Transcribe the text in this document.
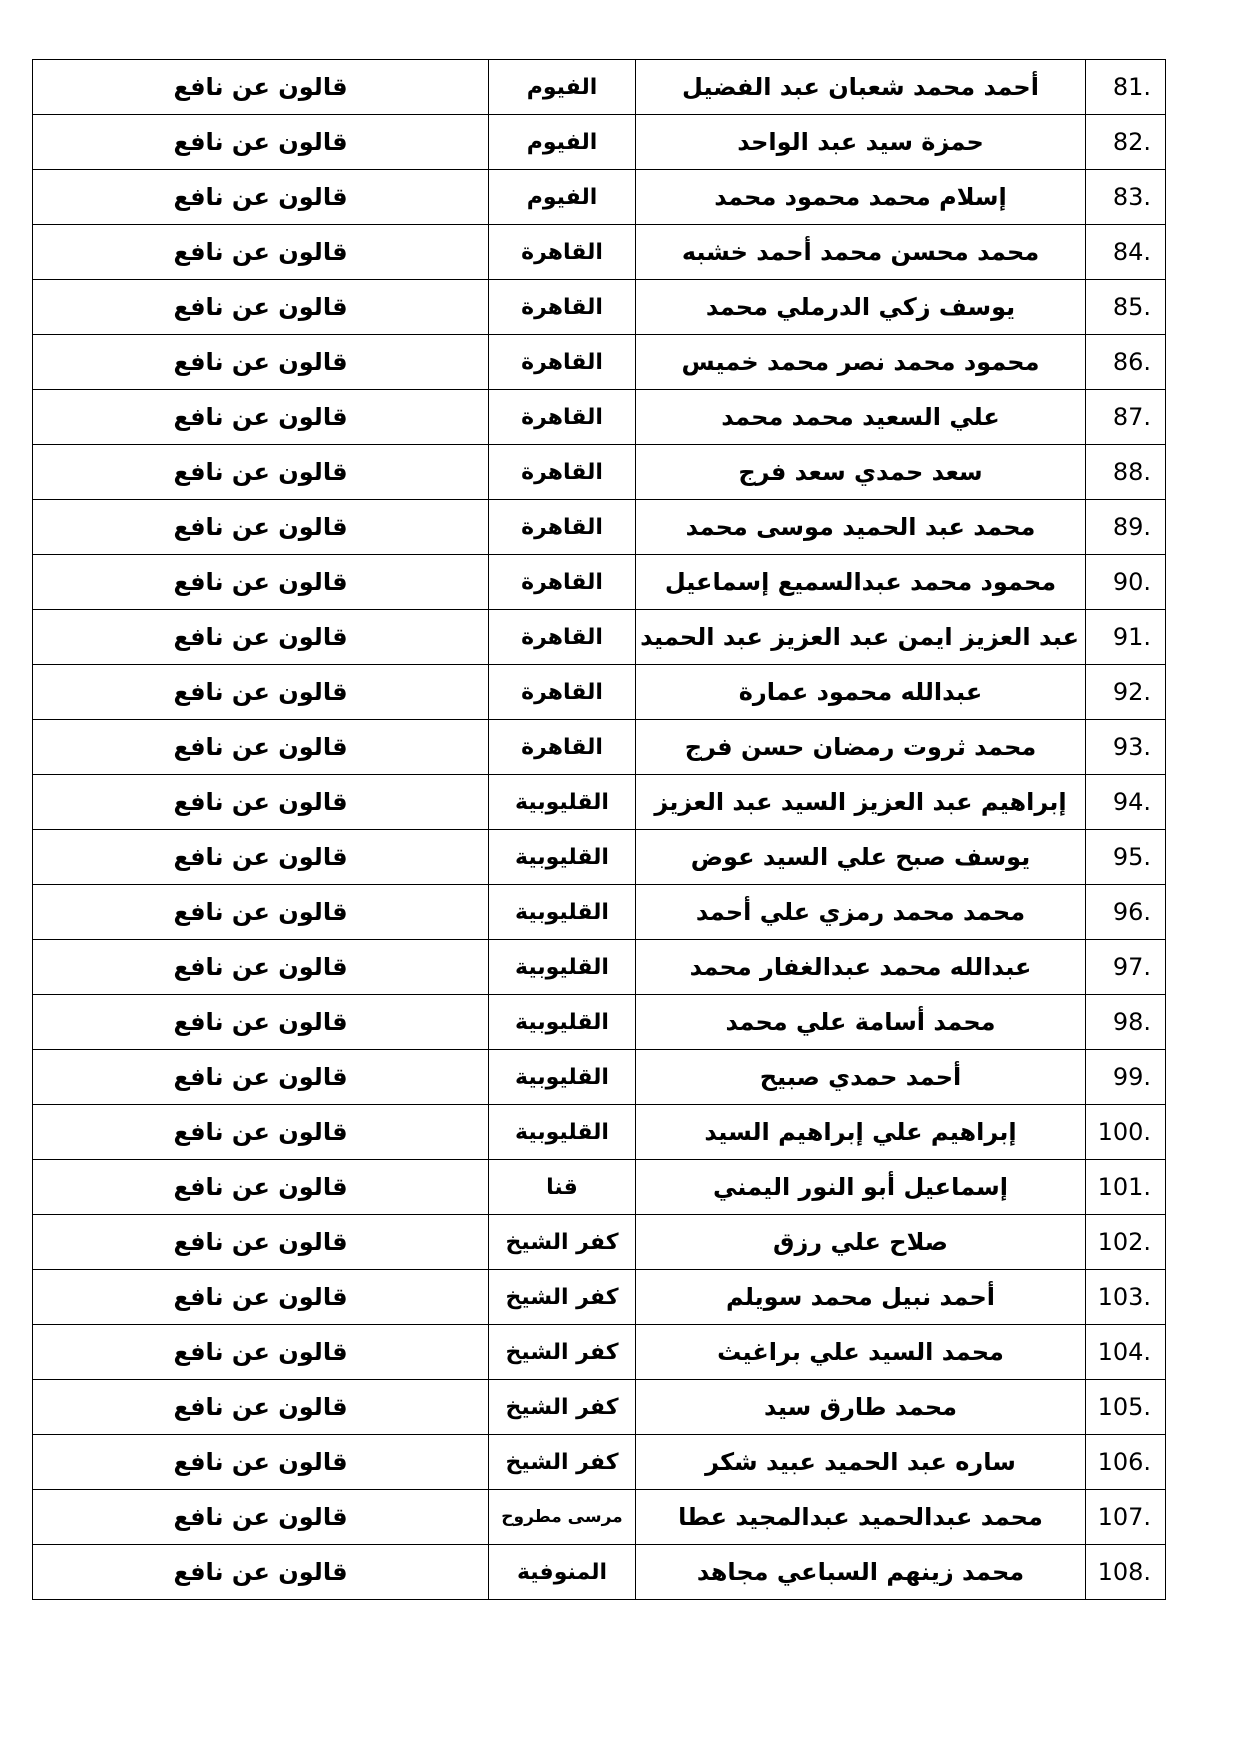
81.	أحمد محمد شعبان عبد الفضيل	الفيوم	قالون عن نافع
82.	حمزة سيد عبد الواحد	الفيوم	قالون عن نافع
83.	إسلام محمد محمود محمد	الفيوم	قالون عن نافع
84.	محمد محسن محمد أحمد خشبه	القاهرة	قالون عن نافع
85.	يوسف زكي الدرملي محمد	القاهرة	قالون عن نافع
86.	محمود محمد نصر محمد خميس	القاهرة	قالون عن نافع
87.	علي السعيد محمد محمد	القاهرة	قالون عن نافع
88.	سعد حمدي سعد فرج	القاهرة	قالون عن نافع
89.	محمد عبد الحميد موسى محمد	القاهرة	قالون عن نافع
90.	محمود محمد عبدالسميع إسماعيل	القاهرة	قالون عن نافع
91.	عبد العزيز ايمن عبد العزيز عبد الحميد	القاهرة	قالون عن نافع
92.	عبدالله محمود عمارة	القاهرة	قالون عن نافع
93.	محمد ثروت رمضان حسن فرج	القاهرة	قالون عن نافع
94.	إبراهيم عبد العزيز السيد عبد العزيز	القليوبية	قالون عن نافع
95.	يوسف صبح علي السيد عوض	القليوبية	قالون عن نافع
96.	محمد محمد رمزي علي أحمد	القليوبية	قالون عن نافع
97.	عبدالله محمد عبدالغفار محمد	القليوبية	قالون عن نافع
98.	محمد أسامة علي محمد	القليوبية	قالون عن نافع
99.	أحمد حمدي صبيح	القليوبية	قالون عن نافع
100.	إبراهيم علي إبراهيم السيد	القليوبية	قالون عن نافع
101.	إسماعيل أبو النور اليمني	قنا	قالون عن نافع
102.	صلاح علي رزق	كفر الشيخ	قالون عن نافع
103.	أحمد نبيل محمد سويلم	كفر الشيخ	قالون عن نافع
104.	محمد السيد علي براغيث	كفر الشيخ	قالون عن نافع
105.	محمد طارق سيد	كفر الشيخ	قالون عن نافع
106.	ساره عبد الحميد عبيد شكر	كفر الشيخ	قالون عن نافع
107.	محمد عبدالحميد عبدالمجيد عطا	مرسى مطروح	قالون عن نافع
108.	محمد زينهم السباعي مجاهد	المنوفية	قالون عن نافع
